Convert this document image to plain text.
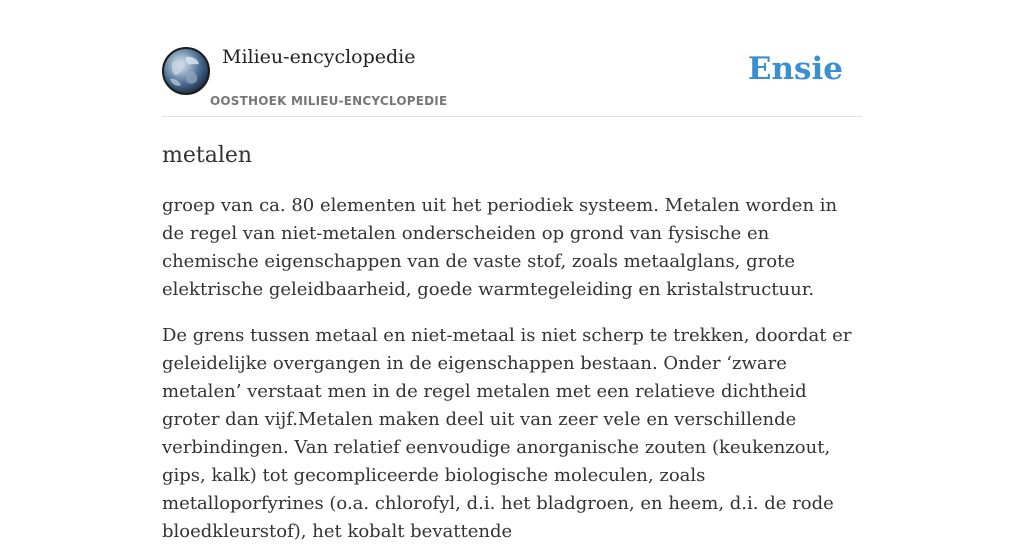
Milieu-encyclopedie
OOSTHOEK MILIEU-ENCYCLOPEDIE
Ensie
metalen

groep van ca. 80 elementen uit het periodiek systeem. Metalen worden in de regel van niet-metalen onderscheiden op grond van fysische en chemische eigenschappen van de vaste stof, zoals metaalglans, grote elektrische geleidbaarheid, goede warmtegeleiding en kristalstructuur.

De grens tussen metaal en niet-metaal is niet scherp te trekken, doordat er geleidelijke overgangen in de eigenschappen bestaan. Onder ‘zware metalen’ verstaat men in de regel metalen met een relatieve dichtheid groter dan vijf.Metalen maken deel uit van zeer vele en verschillende verbindingen. Van relatief eenvoudige anorganische zouten (keukenzout, gips, kalk) tot gecompliceerde biologische moleculen, zoals metalloporfyrines (o.a. chlorofyl, d.i. het bladgroen, en heem, d.i. de rode bloedkleurstof), het kobalt bevattende
